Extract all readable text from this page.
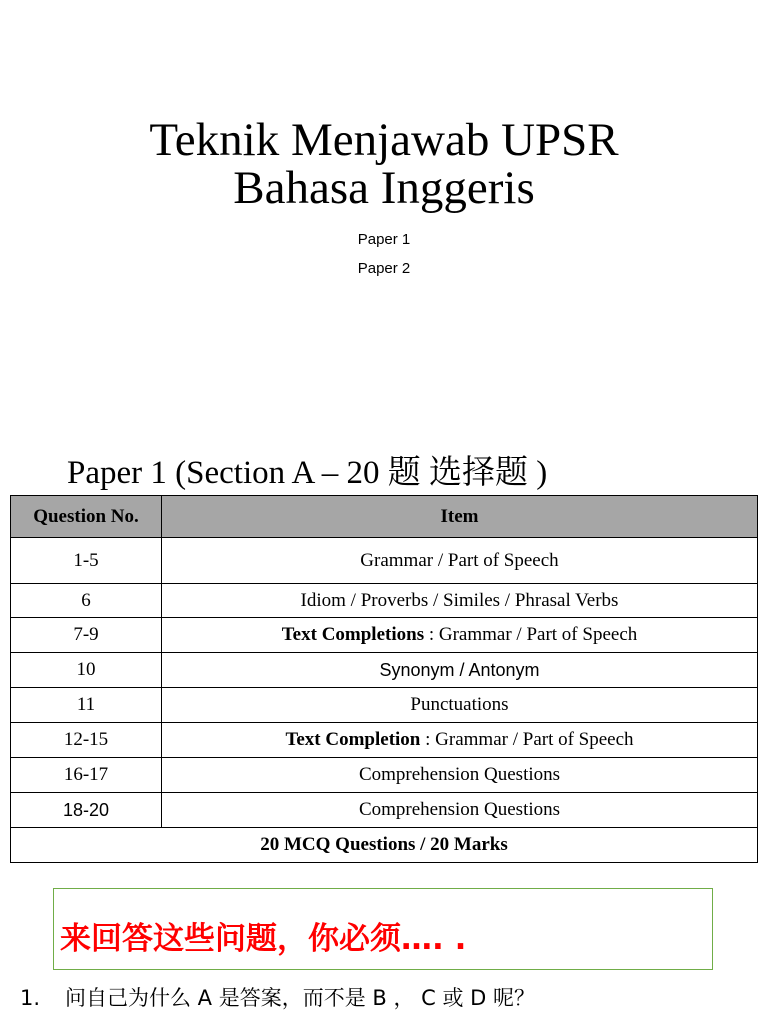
Teknik Menjawab UPSR
Bahasa Inggeris
Paper 1
Paper 2
Paper 1 (Section A – 20 题 选择题 )
Question No.	Item
1-5	Grammar / Part of Speech
6	Idiom / Proverbs / Similes / Phrasal Verbs
7-9	Text Completions : Grammar / Part of Speech
10	Synonym / Antonym
11	Punctuations
12-15	Text Completion : Grammar / Part of Speech
16-17	Comprehension Questions
18-20	Comprehension Questions
20 MCQ Questions / 20 Marks	
来回答这些问题，你必须…. .
1. 问自己为什么 A 是答案，而不是 B ， C 或 D 呢？
